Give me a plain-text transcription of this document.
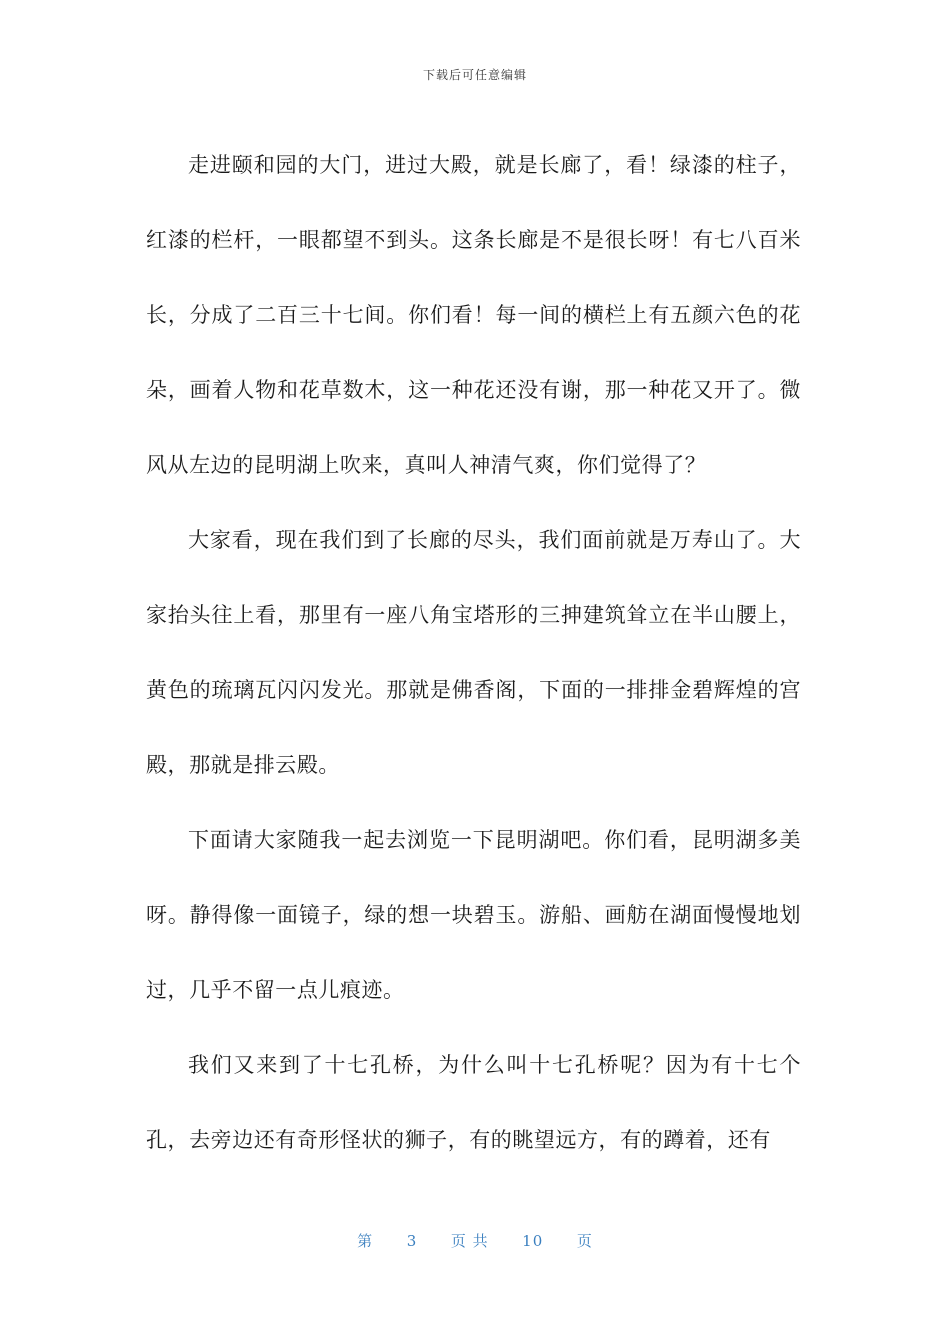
下载后可任意编辑

走进颐和园的大门，进过大殿，就是长廊了，看！绿漆的柱子，红漆的栏杆，一眼都望不到头。这条长廊是不是很长呀！有七八百米长，分成了二百三十七间。你们看！每一间的横栏上有五颜六色的花朵，画着人物和花草数木，这一种花还没有谢，那一种花又开了。微风从左边的昆明湖上吹来，真叫人神清气爽，你们觉得了？

大家看，现在我们到了长廊的尽头，我们面前就是万寿山了。大家抬头往上看，那里有一座八角宝塔形的三抻建筑耸立在半山腰上，黄色的琉璃瓦闪闪发光。那就是佛香阁，下面的一排排金碧辉煌的宫殿，那就是排云殿。

下面请大家随我一起去浏览一下昆明湖吧。你们看，昆明湖多美呀。静得像一面镜子，绿的想一块碧玉。游船、画舫在湖面慢慢地划过，几乎不留一点儿痕迹。

我们又来到了十七孔桥，为什么叫十七孔桥呢？因为有十七个孔，去旁边还有奇形怪状的狮子，有的眺望远方，有的蹲着，还有

第 3 页 共 10 页
